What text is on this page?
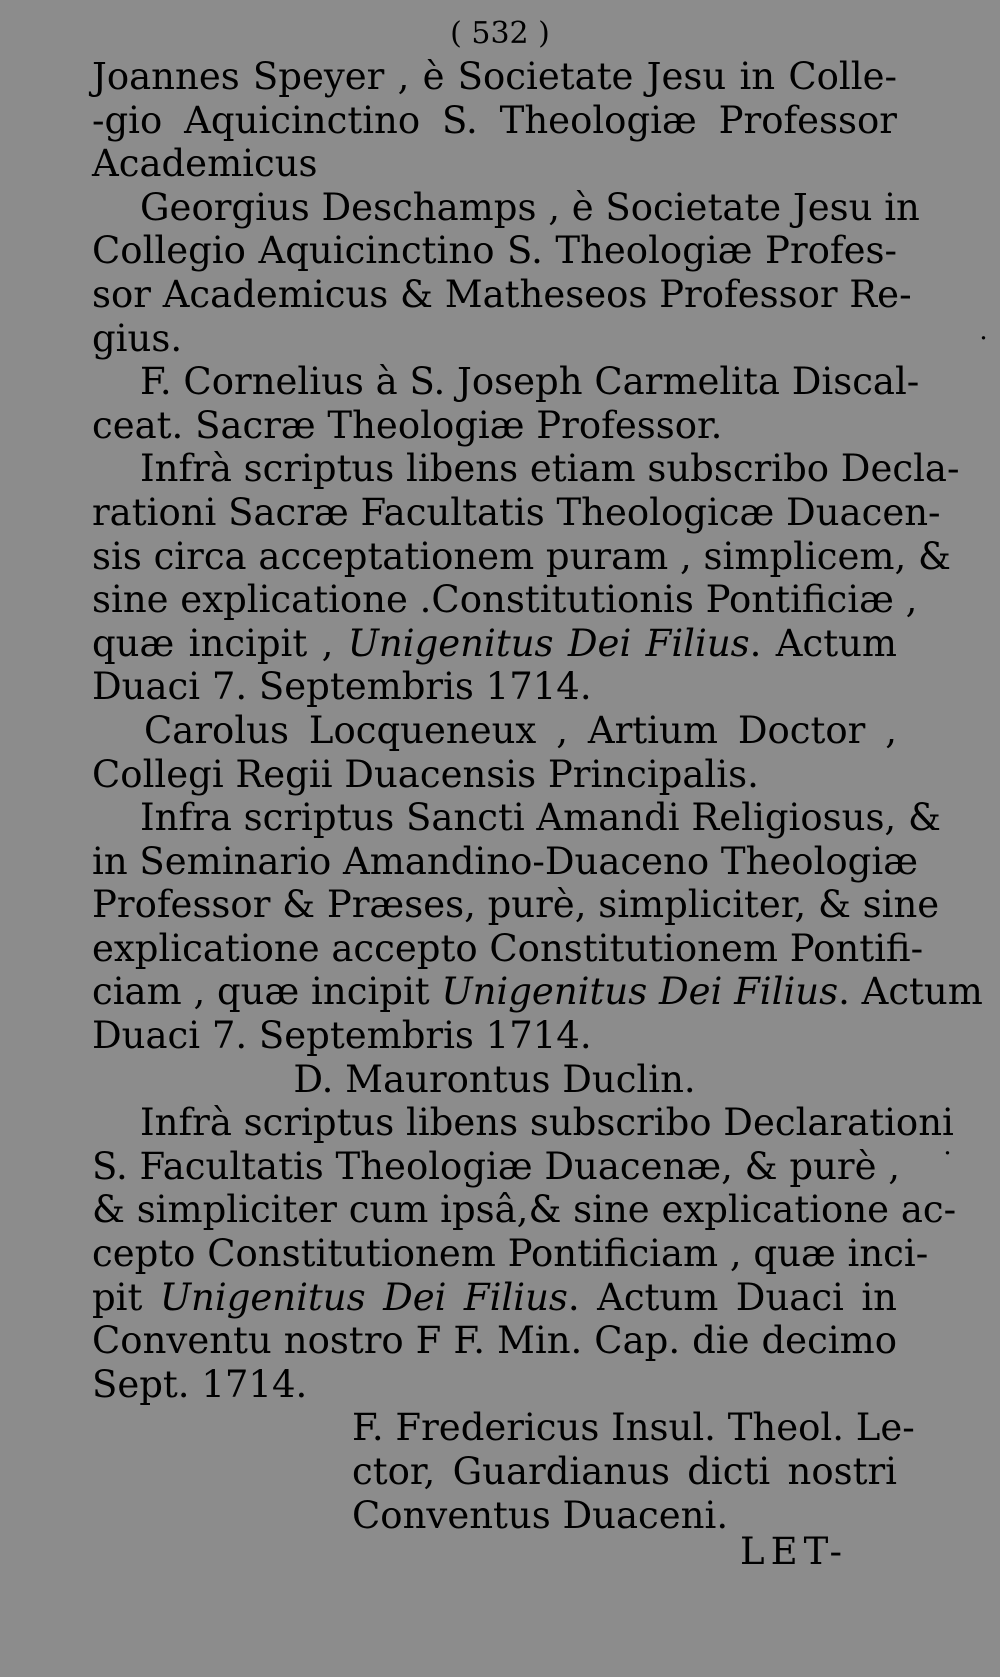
( 532 )
Joannes Speyer , è Societate Jesu in Colle-
-gio Aquicinctino S. Theologiæ Professor
Academicus
Georgius Deschamps , è Societate Jesu in
Collegio Aquicinctino S. Theologiæ Profes-
sor Academicus & Matheseos Professor Re-
gius.
F. Cornelius à S. Joseph Carmelita Discal-
ceat. Sacræ Theologiæ Professor.
Infrà scriptus libens etiam subscribo Decla-
rationi Sacræ Facultatis Theologicæ Duacen-
sis circa acceptationem puram , simplicem, &
sine explicatione .Constitutionis Pontificiæ ,
quæ incipit , Unigenitus Dei Filius. Actum
Duaci 7. Septembris 1714.
Carolus Locqueneux , Artium Doctor ,
Collegi Regii Duacensis Principalis.
Infra scriptus Sancti Amandi Religiosus, &
in Seminario Amandino-Duaceno Theologiæ
Professor & Præses, purè, simpliciter, & sine
explicatione accepto Constitutionem Pontifi-
ciam , quæ incipit Unigenitus Dei Filius. Actum
Duaci 7. Septembris 1714.
D. Maurontus Duclin.
Infrà scriptus libens subscribo Declarationi
S. Facultatis Theologiæ Duacenæ, & purè ,
& simpliciter cum ipsâ,& sine explicatione ac-
cepto Constitutionem Pontificiam , quæ inci-
pit Unigenitus Dei Filius. Actum Duaci in
Conventu nostro F F. Min. Cap. die decimo
Sept. 1714.
F. Fredericus Insul. Theol. Le-
ctor, Guardianus dicti nostri
Conventus Duaceni.
LET-
˙
˙
